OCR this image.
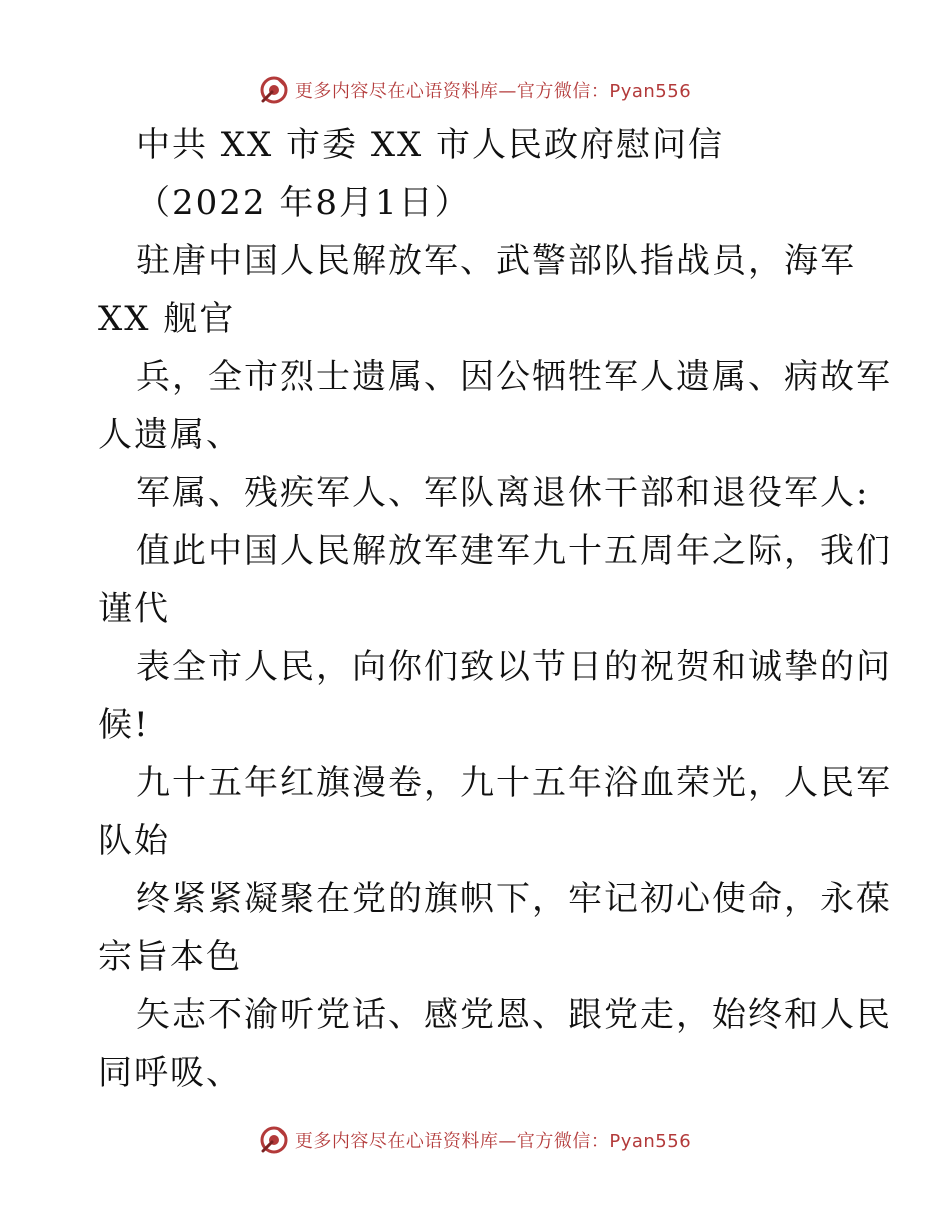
更多内容尽在心语资料库—官方微信：Pyan556
中共 XX 市委 XX 市人民政府慰问信
（2022 年8月1日）
驻唐中国人民解放军、武警部队指战员，海军
XX 舰官
兵，全市烈士遗属、因公牺牲军人遗属、病故军
人遗属、
军属、残疾军人、军队离退休干部和退役军人:
值此中国人民解放军建军九十五周年之际，我们
谨代
表全市人民，向你们致以节日的祝贺和诚挚的问
候!
九十五年红旗漫卷，九十五年浴血荣光，人民军
队始
终紧紧凝聚在党的旗帜下，牢记初心使命，永葆
宗旨本色
矢志不渝听党话、感党恩、跟党走，始终和人民
同呼吸、
更多内容尽在心语资料库—官方微信：Pyan556
